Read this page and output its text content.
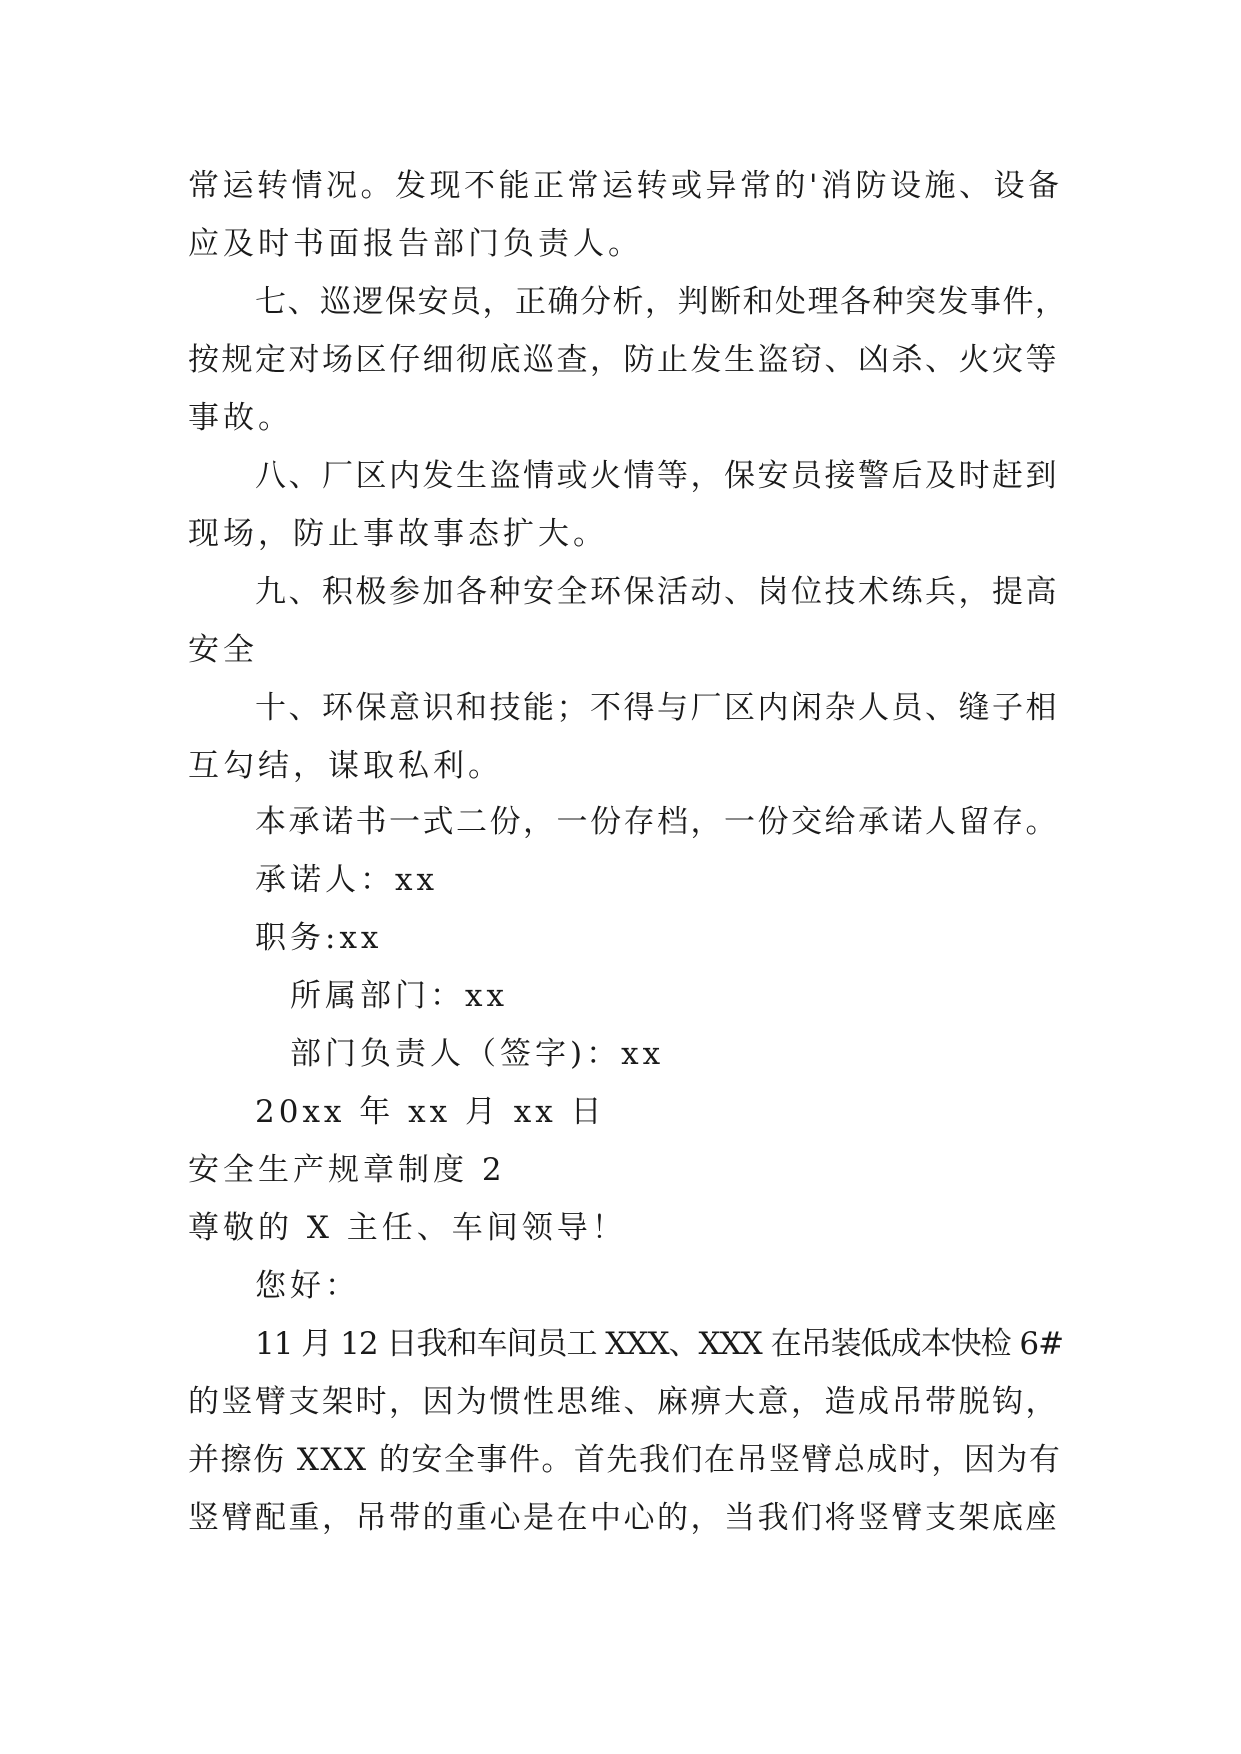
常运转情况。发现不能正常运转或异常的'消防设施、设备
应及时书面报告部门负责人。
七、巡逻保安员，正确分析，判断和处理各种突发事件，
按规定对场区仔细彻底巡查，防止发生盗窃、凶杀、火灾等
事故。
八、厂区内发生盗情或火情等，保安员接警后及时赶到
现场，防止事故事态扩大。
九、积极参加各种安全环保活动、岗位技术练兵，提高
安全
十、环保意识和技能；不得与厂区内闲杂人员、缝子相
互勾结，谋取私利。
本承诺书一式二份，一份存档，一份交给承诺人留存。
承诺人：xx
职务:xx
所属部门：xx
部门负责人（签字)：xx
20xx 年 xx 月 xx 日
安全生产规章制度 2
尊敬的 X 主任、车间领导！
您好：
11 月 12 日我和车间员工 XXX、XXX 在吊装低成本快检 6#
的竖臂支架时，因为惯性思维、麻痹大意，造成吊带脱钩，
并擦伤 XXX 的安全事件。首先我们在吊竖臂总成时，因为有
竖臂配重，吊带的重心是在中心的，当我们将竖臂支架底座
